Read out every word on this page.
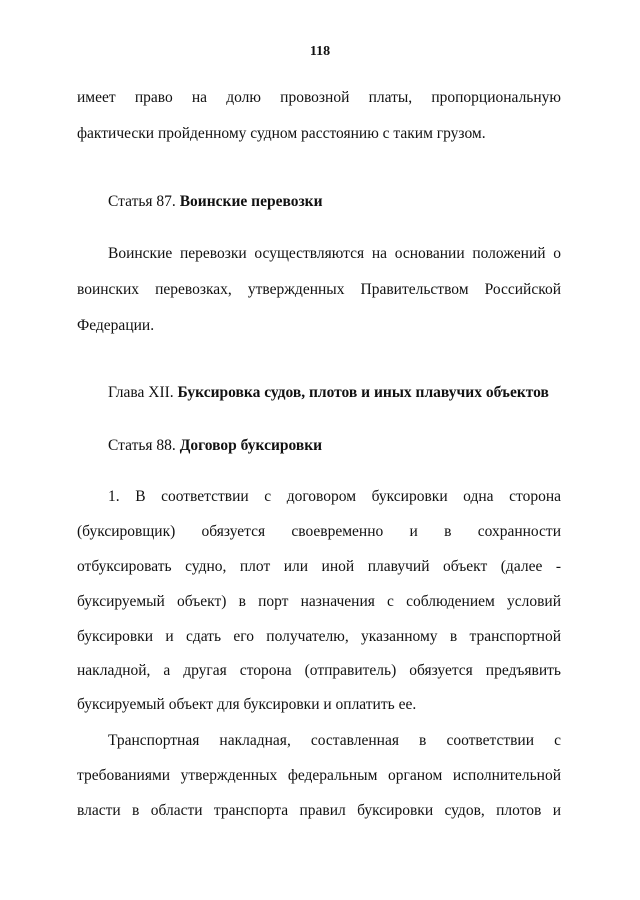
118
имеет право на долю провозной платы, пропорциональную
фактически пройденному судном расстоянию с таким грузом.
Статья 87. Воинские перевозки
Воинские перевозки осуществляются на основании положений о
воинских перевозках, утвержденных Правительством Российской
Федерации.
Глава XII. Буксировка судов, плотов и иных плавучих объектов
Статья 88. Договор буксировки
1. В соответствии с договором буксировки одна сторона
(буксировщик) обязуется своевременно и в сохранности
отбуксировать судно, плот или иной плавучий объект (далее -
буксируемый объект) в порт назначения с соблюдением условий
буксировки и сдать его получателю, указанному в транспортной
накладной, а другая сторона (отправитель) обязуется предъявить
буксируемый объект для буксировки и оплатить ее.
Транспортная накладная, составленная в соответствии с
требованиями утвержденных федеральным органом исполнительной
власти в области транспорта правил буксировки судов, плотов и
